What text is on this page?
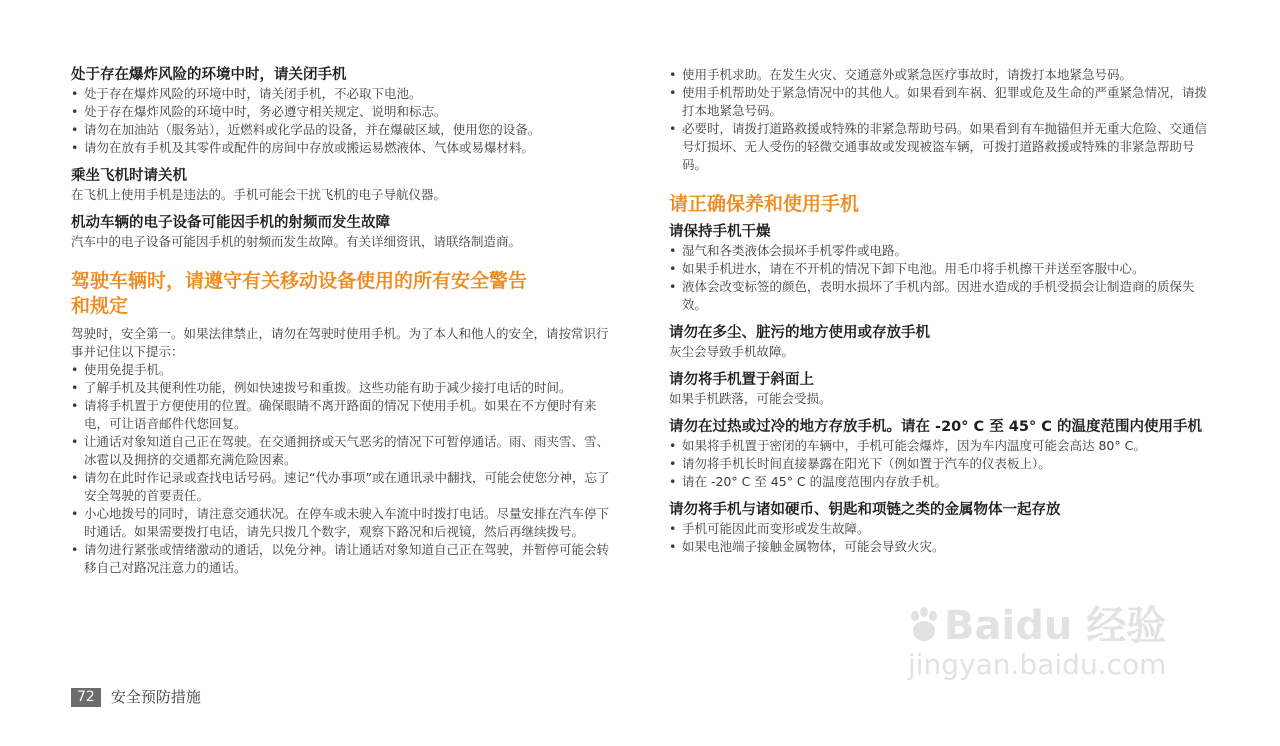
处于存在爆炸风险的环境中时，请关闭手机
• 处于存在爆炸风险的环境中时，请关闭手机，不必取下电池。
• 处于存在爆炸风险的环境中时，务必遵守相关规定、说明和标志。
• 请勿在加油站（服务站），近燃料或化学品的设备，并在爆破区域，使用您的设备。
• 请勿在放有手机及其零件或配件的房间中存放或搬运易燃液体、气体或易爆材料。
乘坐飞机时请关机

在飞机上使用手机是违法的。手机可能会干扰飞机的电子导航仪器。

机动车辆的电子设备可能因手机的射频而发生故障

汽车中的电子设备可能因手机的射频而发生故障。有关详细资讯，请联络制造商。

驾驶车辆时，请遵守有关移动设备使用的所有安全警告
和规定

驾驶时，安全第一。如果法律禁止，请勿在驾驶时使用手机。为了本人和他人的安全，请按常识行事并记住以下提示：

• 使用免提手机。
• 了解手机及其便利性功能，例如快速拨号和重拨。这些功能有助于减少接打电话的时间。
• 请将手机置于方便使用的位置。确保眼睛不离开路面的情况下使用手机。如果在不方便时有来电，可让语音邮件代您回复。
• 让通话对象知道自己正在驾驶。在交通拥挤或天气恶劣的情况下可暂停通话。雨、雨夹雪、雪、冰雹以及拥挤的交通都充满危险因素。
• 请勿在此时作记录或查找电话号码。速记“代办事项”或在通讯录中翻找，可能会使您分神，忘了安全驾驶的首要责任。
• 小心地拨号的同时，请注意交通状况。在停车或未驶入车流中时拨打电话。尽量安排在汽车停下时通话。如果需要拨打电话，请先只拨几个数字，观察下路况和后视镜，然后再继续拨号。
• 请勿进行紧张或情绪激动的通话，以免分神。请让通话对象知道自己正在驾驶，并暂停可能会转移自己对路况注意力的通话。
• 使用手机求助。在发生火灾、交通意外或紧急医疗事故时，请拨打本地紧急号码。
• 使用手机帮助处于紧急情况中的其他人。如果看到车祸、犯罪或危及生命的严重紧急情况，请拨打本地紧急号码。
• 必要时，请拨打道路救援或特殊的非紧急帮助号码。如果看到有车抛锚但并无重大危险、交通信号灯损坏、无人受伤的轻微交通事故或发现被盗车辆，可拨打道路救援或特殊的非紧急帮助号码。
请正确保养和使用手机
请保持手机干燥
• 湿气和各类液体会损坏手机零件或电路。
• 如果手机进水，请在不开机的情况下卸下电池。用毛巾将手机擦干并送至客服中心。
• 液体会改变标签的颜色，表明水损坏了手机内部。因进水造成的手机受损会让制造商的质保失效。
请勿在多尘、脏污的地方使用或存放手机

灰尘会导致手机故障。

请勿将手机置于斜面上

如果手机跌落，可能会受损。

请勿在过热或过冷的地方存放手机。请在 -20° C 至 45° C 的温度范围内使用手机
• 如果将手机置于密闭的车辆中，手机可能会爆炸，因为车内温度可能会高达 80° C。
• 请勿将手机长时间直接暴露在阳光下（例如置于汽车的仪表板上）。
• 请在 -20° C 至 45° C 的温度范围内存放手机。
请勿将手机与诸如硬币、钥匙和项链之类的金属物体一起存放
• 手机可能因此而变形或发生故障。
• 如果电池端子接触金属物体，可能会导致火灾。
72	安全预防措施
Baidu 经验
jingyan.baidu.com
